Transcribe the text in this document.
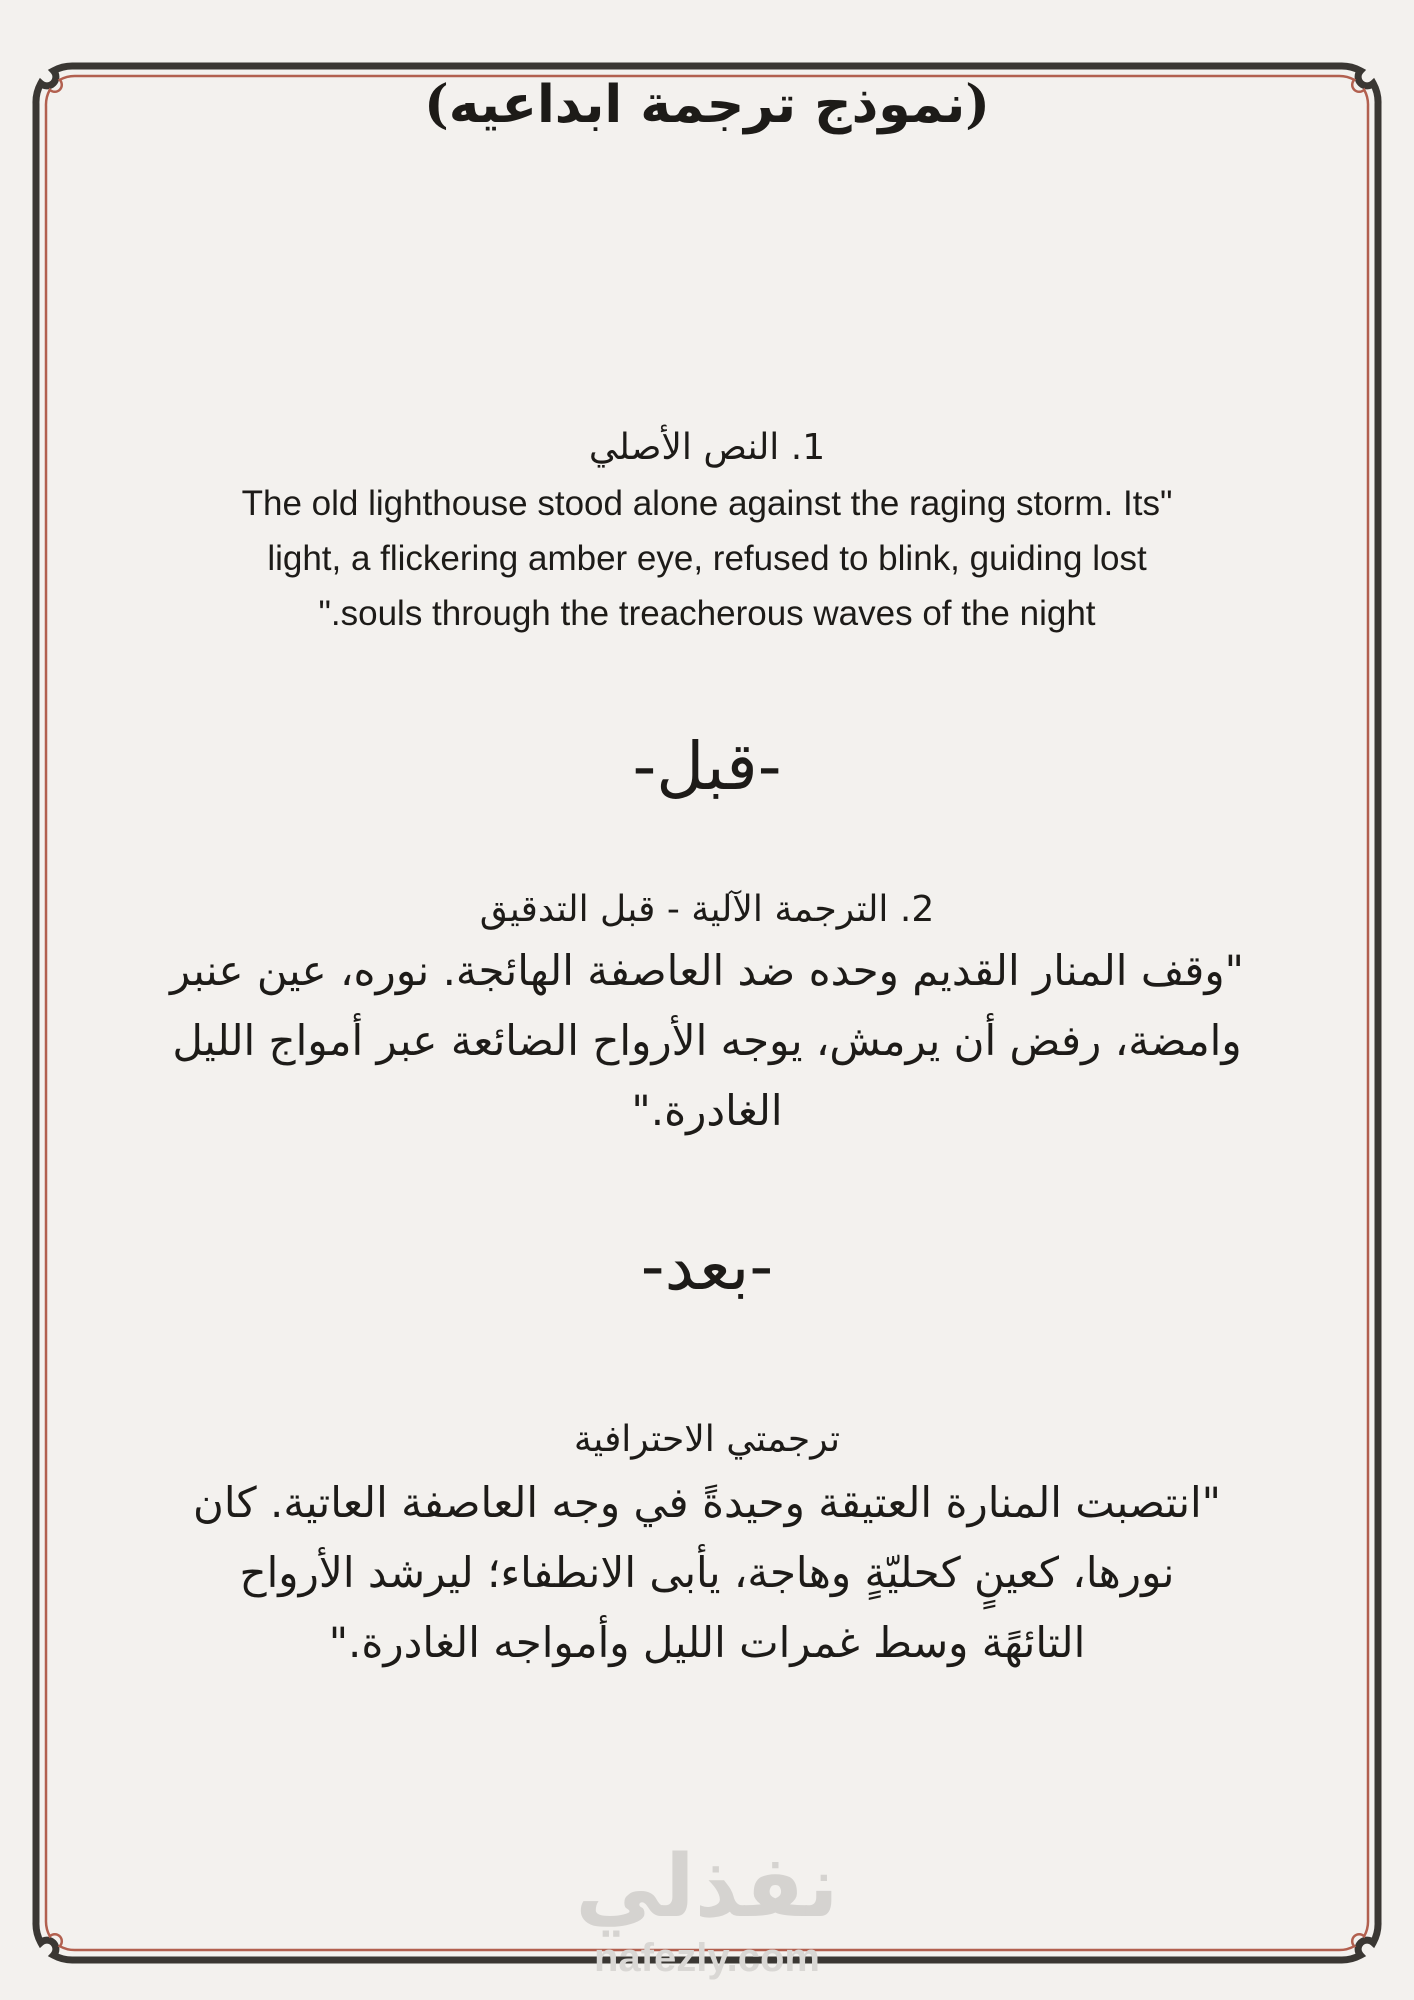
(نموذج ترجمة ابداعيه)
1. النص الأصلي
"The old lighthouse stood alone against the raging storm. Its
light, a flickering amber eye, refused to blink, guiding lost
souls through the treacherous waves of the night."
-قبل-
2. الترجمة الآلية - قبل التدقيق
"وقف المنار القديم وحده ضد العاصفة الهائجة. نوره، عين عنبر
وامضة، رفض أن يرمش، يوجه الأرواح الضائعة عبر أمواج الليل
الغادرة."
-بعد-
ترجمتي الاحترافية
"انتصبت المنارة العتيقة وحيدةً في وجه العاصفة العاتية. كان
نورها، كعينٍ كحليّةٍ وهاجة، يأبى الانطفاء؛ ليرشد الأرواح
التائهًة وسط غمرات الليل وأمواجه الغادرة."
نفذلي
nafezly.com
